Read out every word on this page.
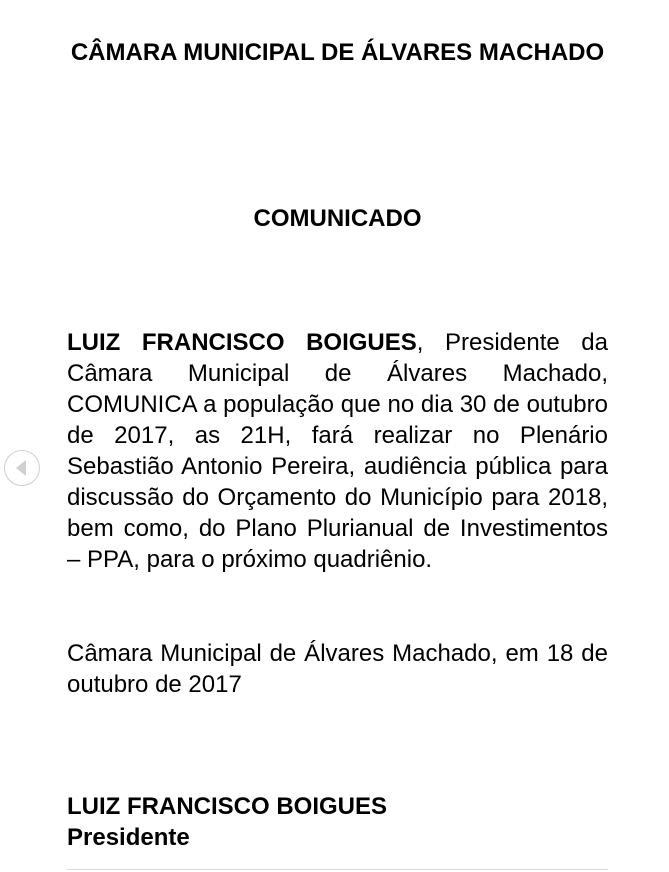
CÂMARA MUNICIPAL DE ÁLVARES MACHADO
COMUNICADO

LUIZ FRANCISCO BOIGUES, Presidente da Câmara Municipal de Álvares Machado, COMUNICA a população que no dia 30 de outubro de 2017, as 21H, fará realizar no Plenário Sebastião Antonio Pereira, audiência pública para discussão do Orçamento do Município para 2018, bem como, do Plano Plurianual de Investimentos – PPA, para o próximo quadriênio.

Câmara Municipal de Álvares Machado, em 18 de outubro de 2017

LUIZ FRANCISCO BOIGUES
Presidente
